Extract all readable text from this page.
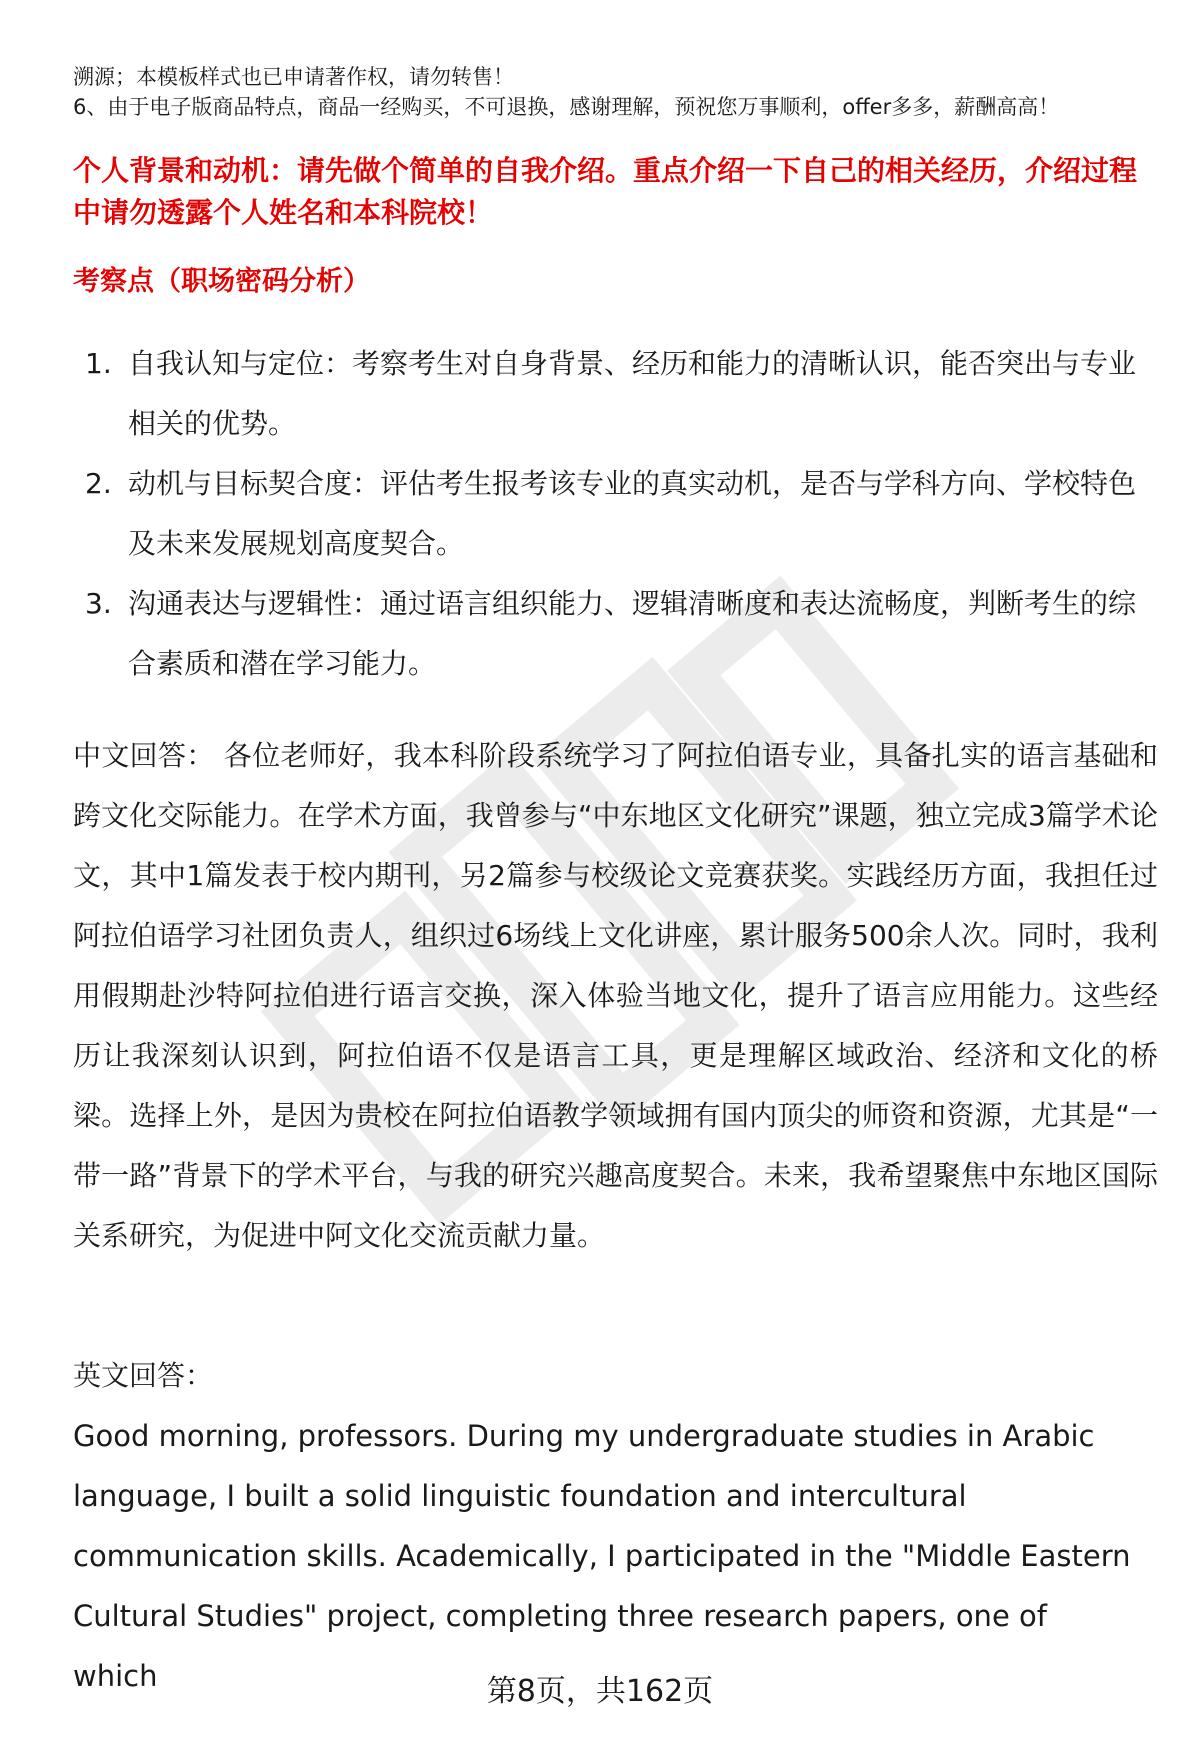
溯源；本模板样式也已申请著作权，请勿转售！
6、由于电子版商品特点，商品一经购买，不可退换，感谢理解，预祝您万事顺利，offer多多，薪酬高高！
个人背景和动机：请先做个简单的自我介绍。重点介绍一下自己的相关经历，介绍过程中请勿透露个人姓名和本科院校！
考察点（职场密码分析）
1. 自我认知与定位：考察考生对自身背景、经历和能力的清晰认识，能否突出与专业相关的优势。
2. 动机与目标契合度：评估考生报考该专业的真实动机，是否与学科方向、学校特色及未来发展规划高度契合。
3. 沟通表达与逻辑性：通过语言组织能力、逻辑清晰度和表达流畅度，判断考生的综合素质和潜在学习能力。
中文回答： 各位老师好，我本科阶段系统学习了阿拉伯语专业，具备扎实的语言基础和跨文化交际能力。在学术方面，我曾参与“中东地区文化研究”课题，独立完成3篇学术论文，其中1篇发表于校内期刊，另2篇参与校级论文竞赛获奖。实践经历方面，我担任过阿拉伯语学习社团负责人，组织过6场线上文化讲座，累计服务500余人次。同时，我利用假期赴沙特阿拉伯进行语言交换，深入体验当地文化，提升了语言应用能力。这些经历让我深刻认识到，阿拉伯语不仅是语言工具，更是理解区域政治、经济和文化的桥梁。选择上外，是因为贵校在阿拉伯语教学领域拥有国内顶尖的师资和资源，尤其是“一带一路”背景下的学术平台，与我的研究兴趣高度契合。未来，我希望聚焦中东地区国际关系研究，为促进中阿文化交流贡献力量。
英文回答：
Good morning, professors. During my undergraduate studies in Arabic language, I built a solid linguistic foundation and intercultural communication skills. Academically, I participated in the "Middle Eastern Cultural Studies" project, completing three research papers, one of which	第8页，共162页
